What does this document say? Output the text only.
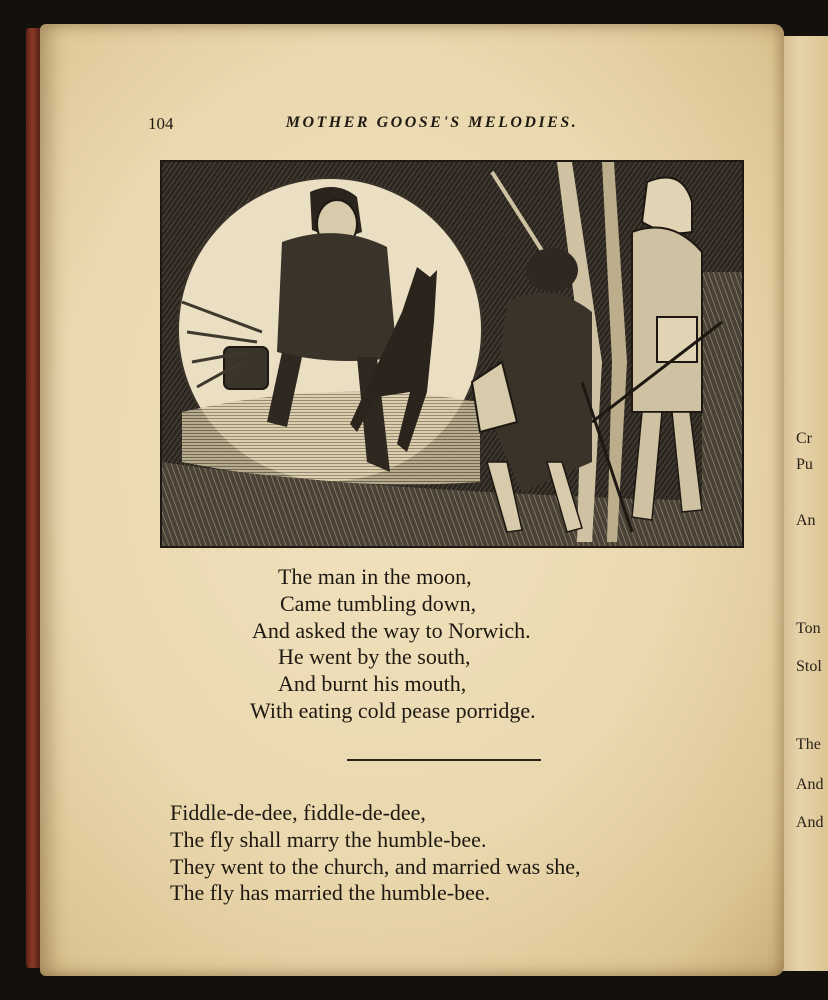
Cr
Pu
An
Ton
Stol
The
And
And
104	MOTHER GOOSE'S MELODIES.
The man in the moon,
Came tumbling down,
And asked the way to Norwich.
He went by the south,
And burnt his mouth,
With eating cold pease porridge.
Fiddle-de-dee, fiddle-de-dee,
The fly shall marry the humble-bee.
They went to the church, and married was she,
The fly has married the humble-bee.
